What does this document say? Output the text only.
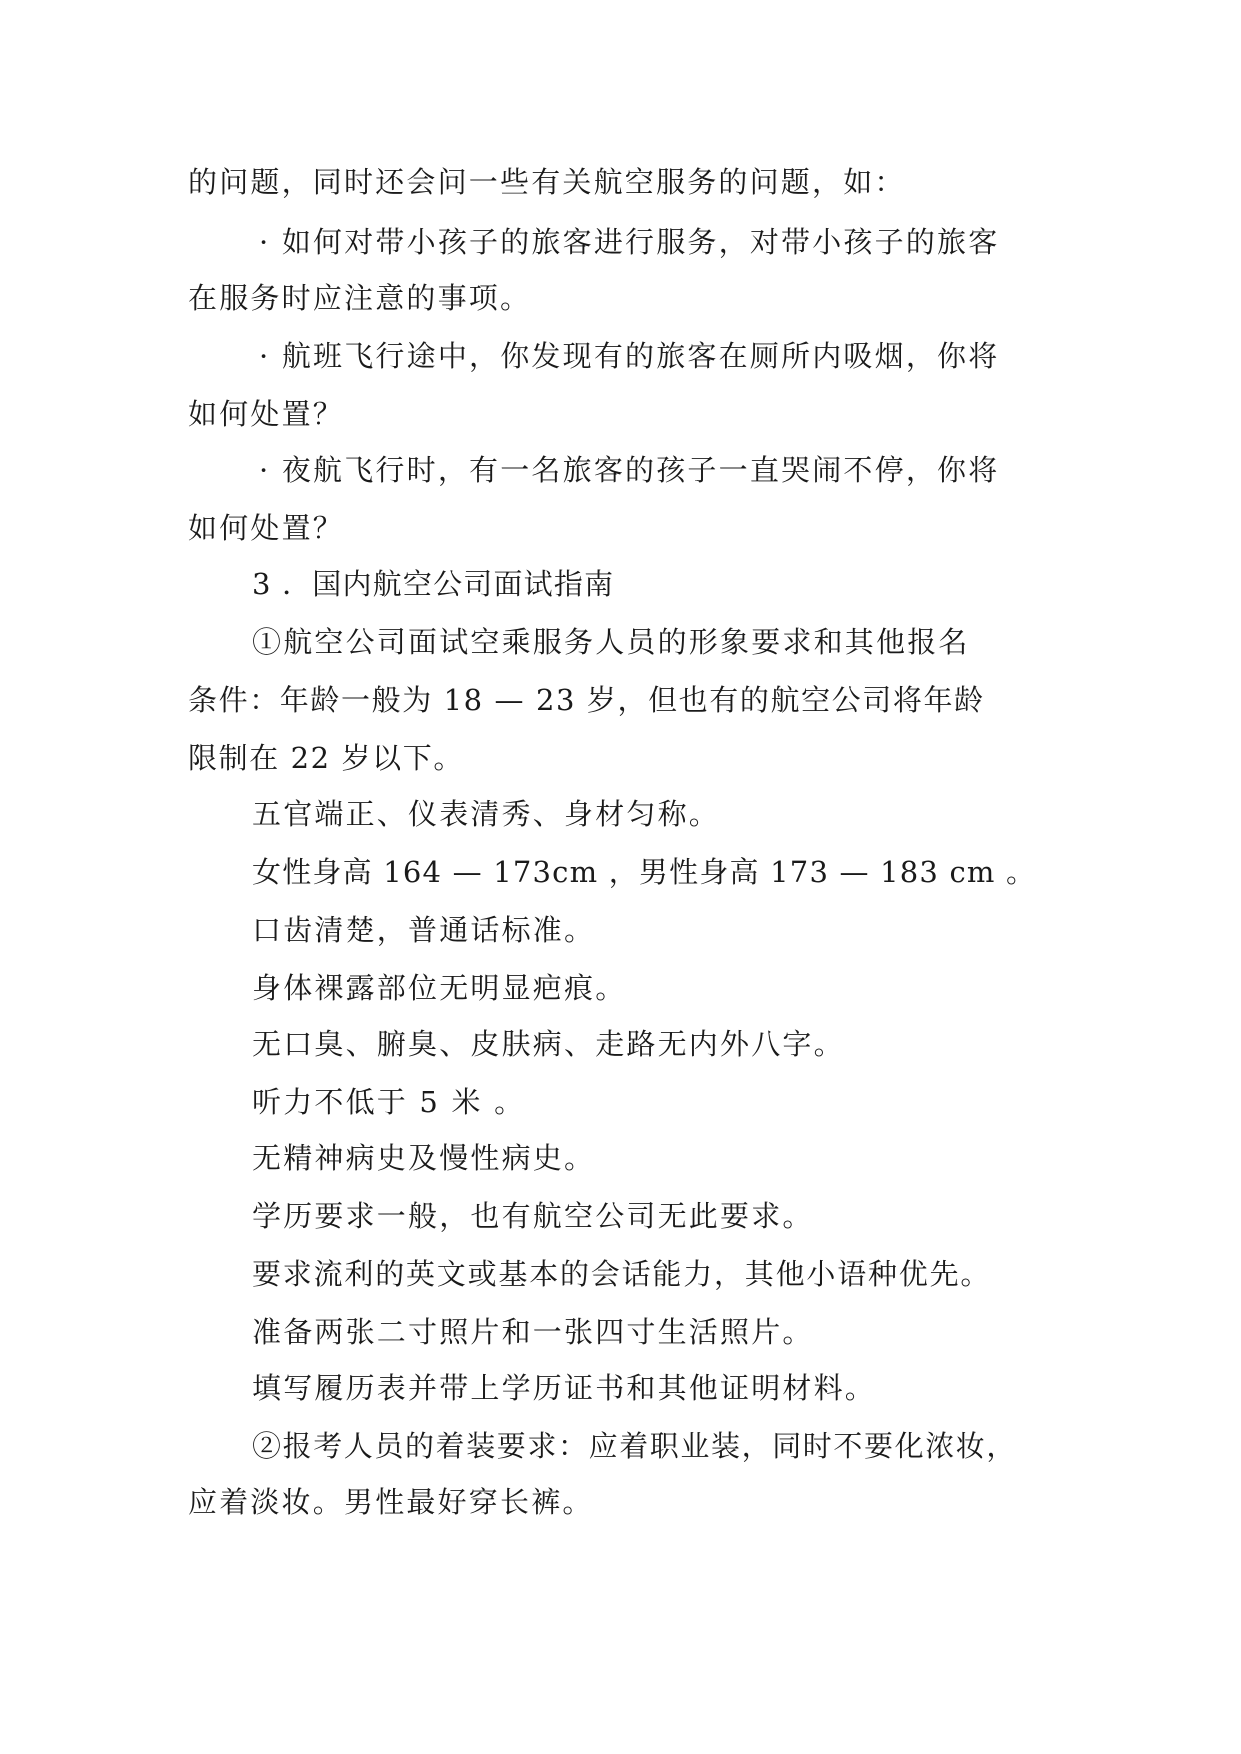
的问题，同时还会问一些有关航空服务的问题，如：
· 如何对带小孩子的旅客进行服务，对带小孩子的旅客
在服务时应注意的事项。
· 航班飞行途中，你发现有的旅客在厕所内吸烟，你将
如何处置？
· 夜航飞行时，有一名旅客的孩子一直哭闹不停，你将
如何处置？
3 ．国内航空公司面试指南
①航空公司面试空乘服务人员的形象要求和其他报名
条件：年龄一般为 18 — 23 岁，但也有的航空公司将年龄
限制在 22 岁以下。
五官端正、仪表清秀、身材匀称。
女性身高 164 — 173cm ，男性身高 173 — 183 cm 。
口齿清楚，普通话标准。
身体裸露部位无明显疤痕。
无口臭、腑臭、皮肤病、走路无内外八字。
听力不低于 5 米 。
无精神病史及慢性病史。
学历要求一般，也有航空公司无此要求。
要求流利的英文或基本的会话能力，其他小语种优先。
准备两张二寸照片和一张四寸生活照片。
填写履历表并带上学历证书和其他证明材料。
②报考人员的着装要求：应着职业装，同时不要化浓妆，
应着淡妆。男性最好穿长裤。
